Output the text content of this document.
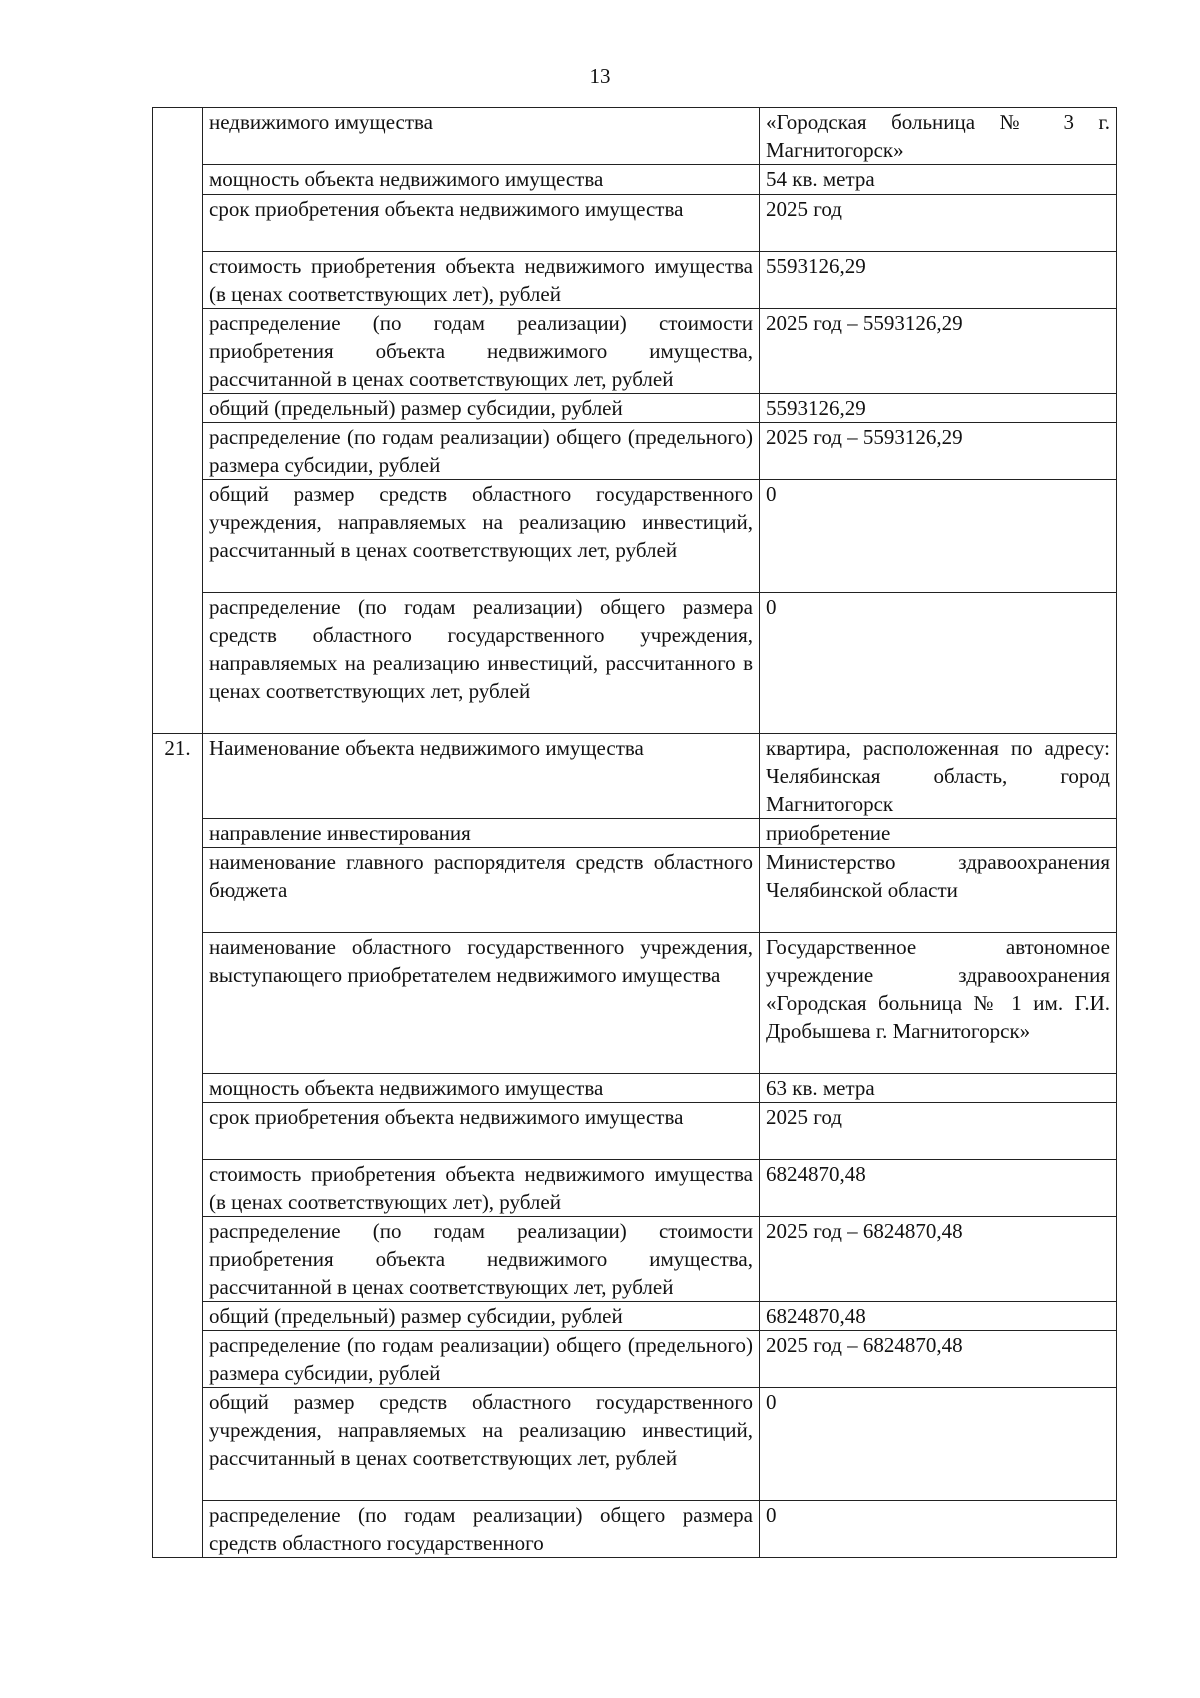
13
	недвижимого имущества	«Городская больница № 3 г. Магнитогорск»
	мощность объекта недвижимого имущества	54 кв. метра
	срок приобретения объекта недвижимого имущества	2025 год
	стоимость приобретения объекта недвижимого имущества (в ценах соответствующих лет), рублей	5593126,29
	распределение (по годам реализации) стоимости приобретения объекта недвижимого имущества, рассчитанной в ценах соответствующих лет, рублей	2025 год – 5593126,29
	общий (предельный) размер субсидии, рублей	5593126,29
	распределение (по годам реализации) общего (предельного) размера субсидии, рублей	2025 год – 5593126,29
	общий размер средств областного государственного учреждения, направляемых на реализацию инвестиций, рассчитанный в ценах соответствующих лет, рублей	0
	распределение (по годам реализации) общего размера средств областного государственного учреждения, направляемых на реализацию инвестиций, рассчитанного в ценах соответствующих лет, рублей	0
21.	Наименование объекта недвижимого имущества	квартира, расположенная по адресу: Челябинская область, город Магнитогорск
	направление инвестирования	приобретение
	наименование главного распорядителя средств областного бюджета	Министерство здравоохранения Челябинской области
	наименование областного государственного учреждения, выступающего приобретателем недвижимого имущества	Государственное автономное учреждение здравоохранения «Городская больница № 1 им. Г.И. Дробышева г. Магнитогорск»
	мощность объекта недвижимого имущества	63 кв. метра
	срок приобретения объекта недвижимого имущества	2025 год
	стоимость приобретения объекта недвижимого имущества (в ценах соответствующих лет), рублей	6824870,48
	распределение (по годам реализации) стоимости приобретения объекта недвижимого имущества, рассчитанной в ценах соответствующих лет, рублей	2025 год – 6824870,48
	общий (предельный) размер субсидии, рублей	6824870,48
	распределение (по годам реализации) общего (предельного) размера субсидии, рублей	2025 год – 6824870,48
	общий размер средств областного государственного учреждения, направляемых на реализацию инвестиций, рассчитанный в ценах соответствующих лет, рублей	0
	распределение (по годам реализации) общего размера средств областного государственного	0
